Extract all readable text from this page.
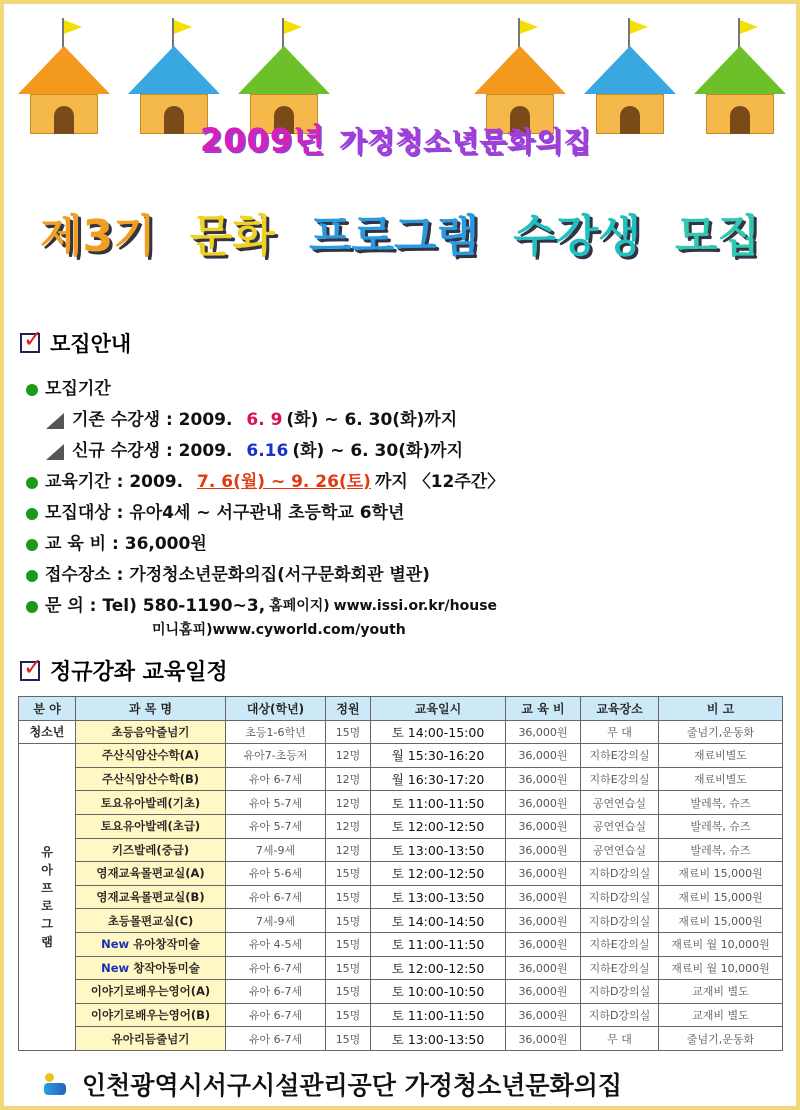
2009년 가정청소년문화의집
제3기 문화 프로그램 수강생 모집
✓
모집안내
모집기간
기존 수강생 : 2009.
6. 9 (화) ~ 6. 30(화)까지
신규 수강생 : 2009.
6.16 (화) ~ 6. 30(화)까지
교육기간 : 2009.
7. 6(월) ~ 9. 26(토) 까지 〈12주간〉
모집대상 : 유아4세 ~ 서구관내 초등학교 6학년
교 육 비 : 36,000원
접수장소 : 가정청소년문화의집(서구문화회관 별관)
문 의 : Tel) 580-1190~3, 홈페이지) www.issi.or.kr/house
미니홈피)www.cyworld.com/youth
✓
정규강좌 교육일정
분 야	과 목 명	대상(학년)	정원	교육일시	교 육 비	교육장소	비 고
청소년	초등음악줄넘기	초등1-6학년	15명	토 14:00-15:00	36,000원	무 대	줄넘기,운동화
유아 프로그램	주산식암산수학(A)	유아7-초등저	12명	월 15:30-16:20	36,000원	지하E강의실	재료비별도
	주산식암산수학(B)	유아 6-7세	12명	월 16:30-17:20	36,000원	지하E강의실	재료비별도
	토요유아발레(기초)	유아 5-7세	12명	토 11:00-11:50	36,000원	공연연습실	발레복, 슈즈
	토요유아발레(초급)	유아 5-7세	12명	토 12:00-12:50	36,000원	공연연습실	발레복, 슈즈
	키즈발레(중급)	7세-9세	12명	토 13:00-13:50	36,000원	공연연습실	발레복, 슈즈
	영재교육몰편교실(A)	유아 5-6세	15명	토 12:00-12:50	36,000원	지하D강의실	재료비 15,000원
	영재교육몰편교실(B)	유아 6-7세	15명	토 13:00-13:50	36,000원	지하D강의실	재료비 15,000원
	초등몰편교실(C)	7세-9세	15명	토 14:00-14:50	36,000원	지하D강의실	재료비 15,000원
	New 유아창작미술	유아 4-5세	15명	토 11:00-11:50	36,000원	지하E강의실	재료비 월 10,000원
	New 창작아동미술	유아 6-7세	15명	토 12:00-12:50	36,000원	지하E강의실	재료비 월 10,000원
	이야기로배우는영어(A)	유아 6-7세	15명	토 10:00-10:50	36,000원	지하D강의실	교재비 별도
	이야기로배우는영어(B)	유아 6-7세	15명	토 11:00-11:50	36,000원	지하D강의실	교재비 별도
	유아리듬줄넘기	유아 6-7세	15명	토 13:00-13:50	36,000원	무 대	줄넘기,운동화
인천광역시서구시설관리공단 가정청소년문화의집
